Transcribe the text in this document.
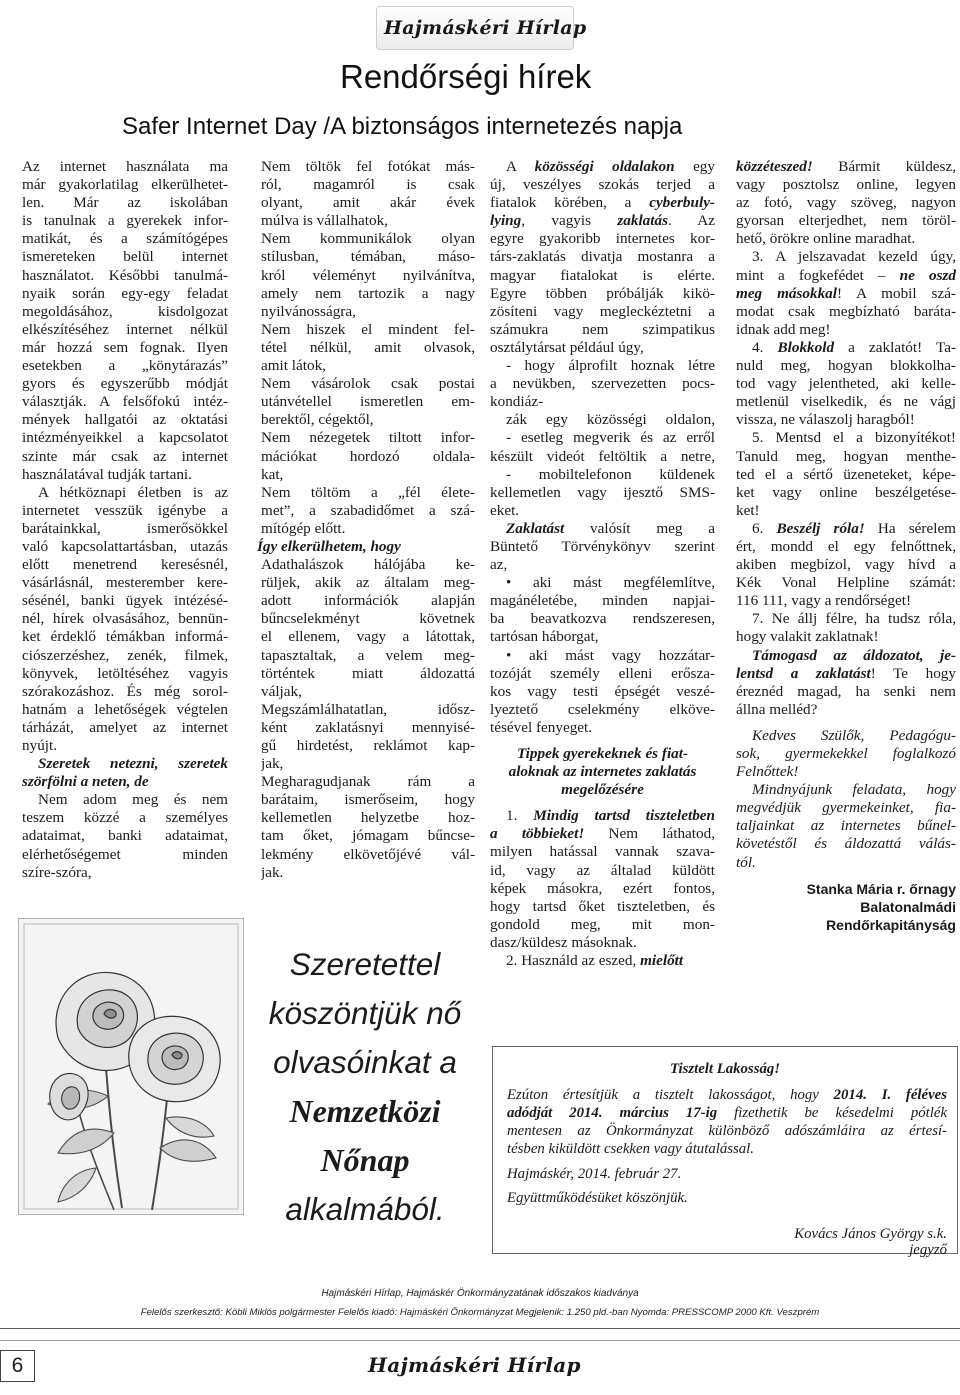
Hajmáskéri Hírlap
Rendőrségi hírek
Safer Internet Day /A biztonságos internetezés napja
Az internet használata ma
már gyakorlatilag elkerülhetet-
len. Már az iskolában
is tanulnak a gyerekek infor-
matikát, és a számítógépes
ismereteken belül internet
használatot. Későbbi tanulmá-
nyaik során egy-egy feladat
megoldásához, kisdolgozat
elkészítéséhez internet nélkül
már hozzá sem fognak. Ilyen
esetekben a „könytárazás”
gyors és egyszerűbb módját
választják. A felsőfokú intéz-
mények hallgatói az oktatási
intézményeikkel a kapcsolatot
szinte már csak az internet
használatával tudják tartani.
A hétköznapi életben is az
internetet vesszük igénybe a
barátainkkal, ismerősökkel
való kapcsolattartásban, utazás
előtt menetrend keresésnél,
vásárlásnál, mesterember kere-
sésénél, banki ügyek intézésé-
nél, hírek olvasásához, bennün-
ket érdeklő témákban informá-
ciószerzéshez, zenék, filmek,
könyvek, letöltéséhez vagyis
szórakozáshoz. És még sorol-
hatnám a lehetőségek végtelen
tárházát, amelyet az internet
nyújt.
Szeretek netezni, szeretek
szörfölni a neten, de
Nem adom meg és nem
teszem közzé a személyes
adataimat, banki adataimat,
elérhetőségemet minden
szíre-szóra,
Nem töltök fel fotókat más-
ról, magamról is csak
olyant, amit akár évek
múlva is vállalhatok,
Nem kommunikálok olyan
stílusban, témában, máso-
król véleményt nyilvánítva,
amely nem tartozik a nagy
nyilvánosságra,
Nem hiszek el mindent fel-
tétel nélkül, amit olvasok,
amit látok,
Nem vásárolok csak postai
utánvétellel ismeretlen em-
berektől, cégektől,
Nem nézegetek tiltott infor-
mációkat hordozó oldala-
kat,
Nem töltöm a „fél élete-
met”, a szabadidőmet a szá-
mítógép előtt.
Így elkerülhetem, hogy
Adathalászok hálójába ke-
rüljek, akik az általam meg-
adott információk alapján
bűncselekményt követnek
el ellenem, vagy a látottak,
tapasztaltak, a velem meg-
történtek miatt áldozattá
váljak,
Megszámlálhatatlan, idősz-
ként zaklatásnyi mennyisé-
gű hirdetést, reklámot kap-
jak,
Megharagudjanak rám a
barátaim, ismerőseim, hogy
kellemetlen helyzetbe hoz-
tam őket, jómagam bűncse-
lekmény elkövetőjévé vál-
jak.
A közösségi oldalakon egy
új, veszélyes szokás terjed a
fiatalok körében, a cyberbuly-
lying, vagyis zaklatás. Az
egyre gyakoribb internetes kor-
társ-zaklatás divatja mostanra a
magyar fiatalokat is elérte.
Egyre többen próbálják kikö-
zösíteni vagy megleckéztetni a
számukra nem szimpatikus
osztálytársat például úgy,
- hogy álprofilt hoznak létre
a nevükben, szervezetten pocs-
kondiáz-
zák egy közösségi oldalon,
- esetleg megverik és az erről
készült videót feltöltik a netre,
- mobiltelefonon küldenek
kellemetlen vagy ijesztő SMS-
eket.
Zaklatást valósít meg a
Büntető Törvénykönyv szerint
az,
• aki mást megfélemlítve,
magánéletébe, minden napjai-
ba beavatkozva rendszeresen,
tartósan háborgat,
• aki mást vagy hozzátar-
tozóját személy elleni erősza-
kos vagy testi épségét veszé-
lyeztető cselekmény elköve-
tésével fenyeget.
Tippek gyerekeknek és fiat-
aloknak az internetes zaklatás
megelőzésére
1. Mindig tartsd tiszteletben
a többieket! Nem láthatod,
milyen hatással vannak szava-
id, vagy az általad küldött
képek másokra, ezért fontos,
hogy tartsd őket tiszteletben, és
gondold meg, mit mon-
dasz/küldesz másoknak.
2. Használd az eszed, mielőtt
közzéteszed! Bármit küldesz,
vagy posztolsz online, legyen
az fotó, vagy szöveg, nagyon
gyorsan elterjedhet, nem töröl-
hető, örökre online maradhat.
3. A jelszavadat kezeld úgy,
mint a fogkefédet – ne oszd
meg másokkal! A mobil szá-
modat csak megbízható baráta-
idnak add meg!
4. Blokkold a zaklatót! Ta-
nuld meg, hogyan blokkolha-
tod vagy jelentheted, aki kelle-
metlenül viselkedik, és ne vágj
vissza, ne válaszolj haragból!
5. Mentsd el a bizonyítékot!
Tanuld meg, hogyan menthe-
ted el a sértő üzeneteket, képe-
ket vagy online beszélgetése-
ket!
6. Beszélj róla! Ha sérelem
ért, mondd el egy felnőttnek,
akiben megbízol, vagy hívd a
Kék Vonal Helpline számát:
116 111, vagy a rendőrséget!
7. Ne állj félre, ha tudsz róla,
hogy valakit zaklatnak!
Támogasd az áldozatot, je-
lentsd a zaklatást! Te hogy
éreznéd magad, ha senki nem
állna melléd?
Kedves Szülők, Pedagógu-
sok, gyermekekkel foglalkozó
Felnőttek!
Mindnyájunk feladata, hogy
megvédjük gyermekeinket, fia-
taljainkat az internetes bűnel-
követéstől és áldozattá válás-
tól.
Stanka Mária r. őrnagy
Balatonalmádi
Rendőrkapitányság
Szeretettel
köszöntjük nő
olvasóinkat a
Nemzetközi
Nőnap
alkalmából.
Tisztelt Lakosság!
Ezúton értesítjük a tisztelt lakosságot, hogy 2014. I. féléves
adódját 2014. március 17-ig fizethetik be késedelmi pótlék
mentesen az Önkormányzat különböző adószámláira az értesí-
tésben kiküldött csekken vagy átutalással.
Hajmáskér, 2014. február 27.
Együttműködésüket köszönjük.
Kovács János György s.k.
jegyző
Hajmáskéri Hírlap, Hajmáskér Önkormányzatának időszakos kiadványa
Felelős szerkesztő: Köbli Miklós polgármester Felelős kiadó: Hajmáskéri Önkormányzat Megjelenik: 1.250 pld.-ban Nyomda: PRESSCOMP 2000 Kft. Veszprém
6	Hajmáskéri Hírlap
